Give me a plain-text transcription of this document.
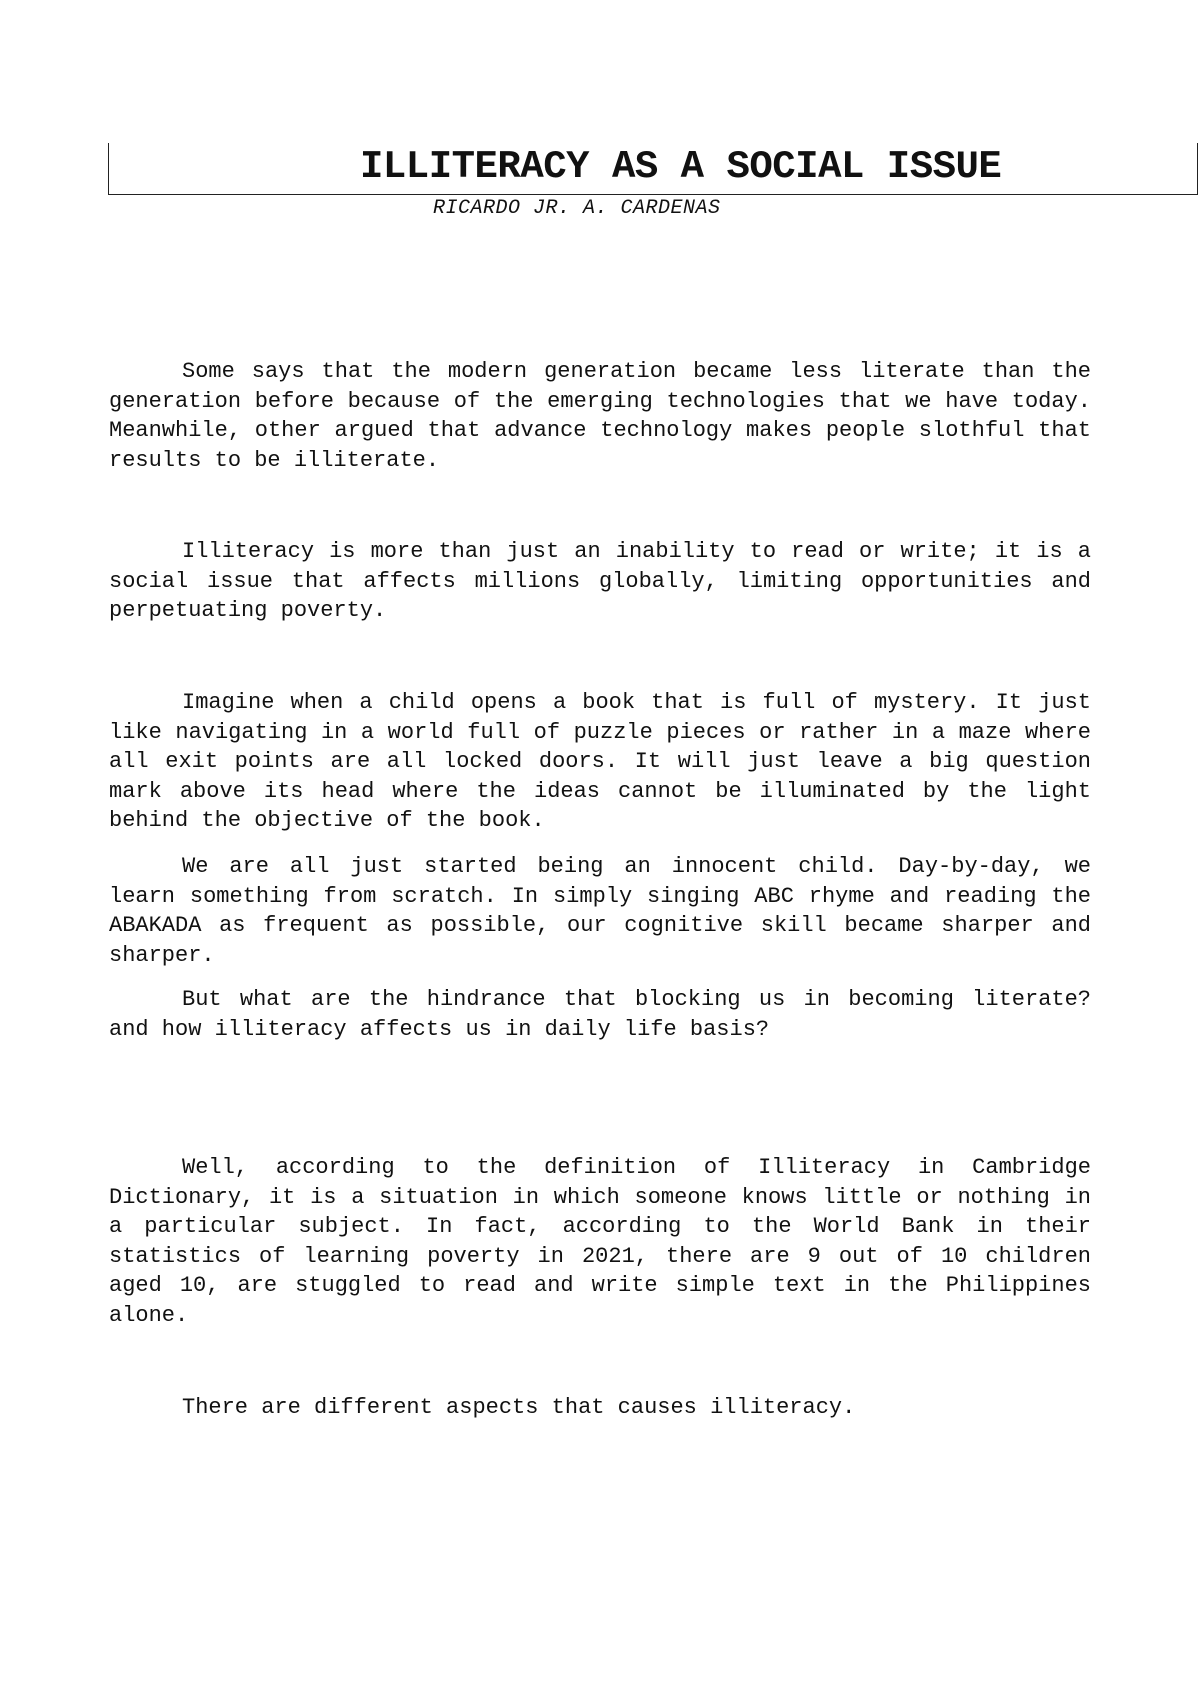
ILLITERACY AS A SOCIAL ISSUE
RICARDO JR. A. CARDENAS

Some says that the modern generation became less literate than the generation before because of the emerging technologies that we have today. Meanwhile, other argued that advance technology makes people slothful that results to be illiterate.

Illiteracy is more than just an inability to read or write; it is a social issue that affects millions globally, limiting opportunities and perpetuating poverty.

Imagine when a child opens a book that is full of mystery. It just like navigating in a world full of puzzle pieces or rather in a maze where all exit points are all locked doors. It will just leave a big question mark above its head where the ideas cannot be illuminated by the light behind the objective of the book.

We are all just started being an innocent child. Day-by-day, we learn something from scratch. In simply singing ABC rhyme and reading the ABAKADA as frequent as possible, our cognitive skill became sharper and sharper.

But what are the hindrance that blocking us in becoming literate? and how illiteracy affects us in daily life basis?

Well, according to the definition of Illiteracy in Cambridge Dictionary, it is a situation in which someone knows little or nothing in a particular subject. In fact, according to the World Bank in their statistics of learning poverty in 2021, there are 9 out of 10 children aged 10, are stuggled to read and write simple text in the Philippines alone.

There are different aspects that causes illiteracy.
